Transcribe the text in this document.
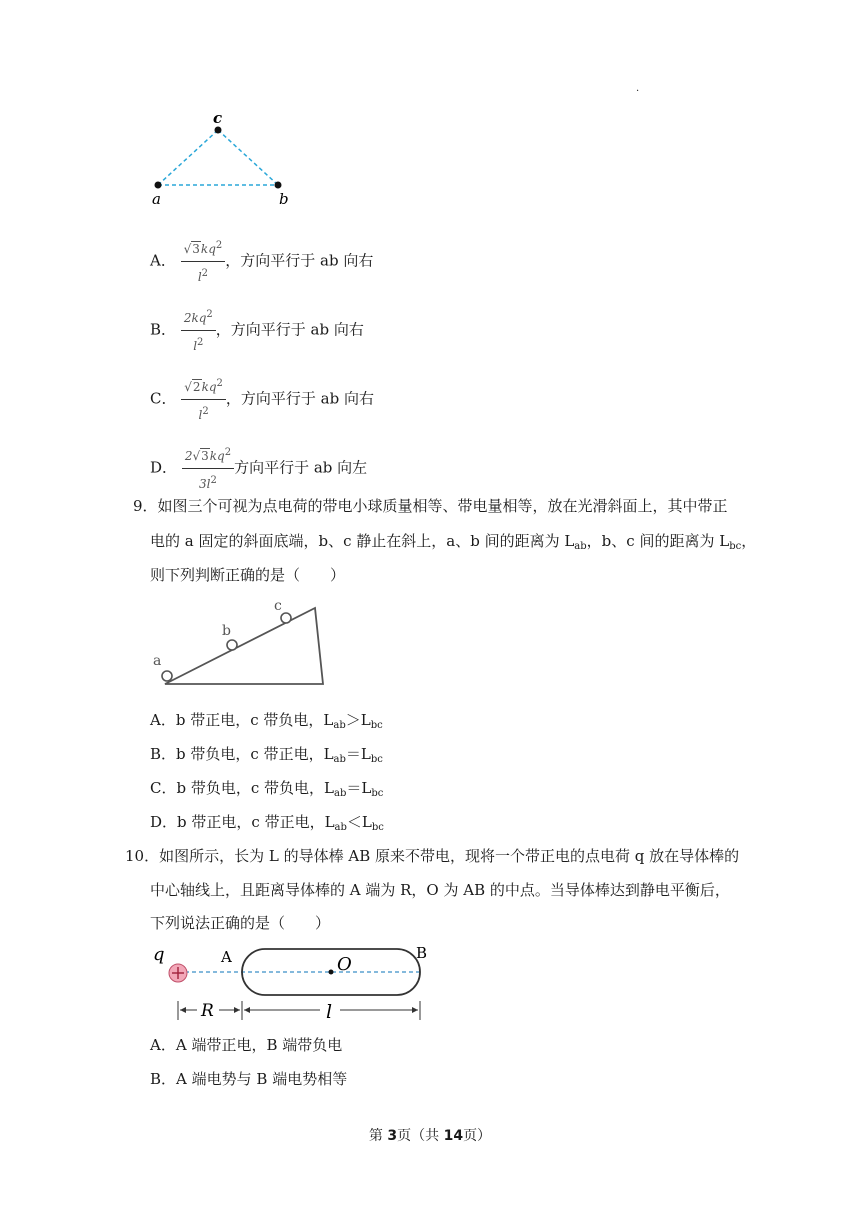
.
a	b
c
A． $\frac{√3kq^2}{l^2}$ ，方向平行于 ab 向右
B． $\frac{2kq^2}{l^2}$ ，方向平行于 ab 向右
C． $\frac{√2kq^2}{l^2}$ ，方向平行于 ab 向右
D． $\frac{2√3kq^2}{3l^2}$ 方向平行于 ab 向左
9．如图三个可视为点电荷的带电小球质量相等、带电量相等，放在光滑斜面上，其中带正
电的 a 固定的斜面底端，b、c 静止在斜上，a、b 间的距离为 $L_{ab}$，b、c 间的距离为 $L_{bc}$，
则下列判断正确的是（　　）
a
b
c
A．b 带正电，c 带负电，$L_{ab}>L_{bc}$
B．b 带负电，c 带正电，$L_{ab}=L_{bc}$
C．b 带负电，c 带负电，$L_{ab}=L_{bc}$
D．b 带正电，c 带正电，$L_{ab}<L_{bc}$
10．如图所示，长为 L 的导体棒 AB 原来不带电，现将一个带正电的点电荷 q 放在导体棒的
中心轴线上，且距离导体棒的 A 端为 R，O 为 AB 的中点。当导体棒达到静电平衡后，
下列说法正确的是（　　）
q	A	B
O
R	l
A．A 端带正电，B 端带负电
B．A 端电势与 B 端电势相等
第 3页（共 14页）
